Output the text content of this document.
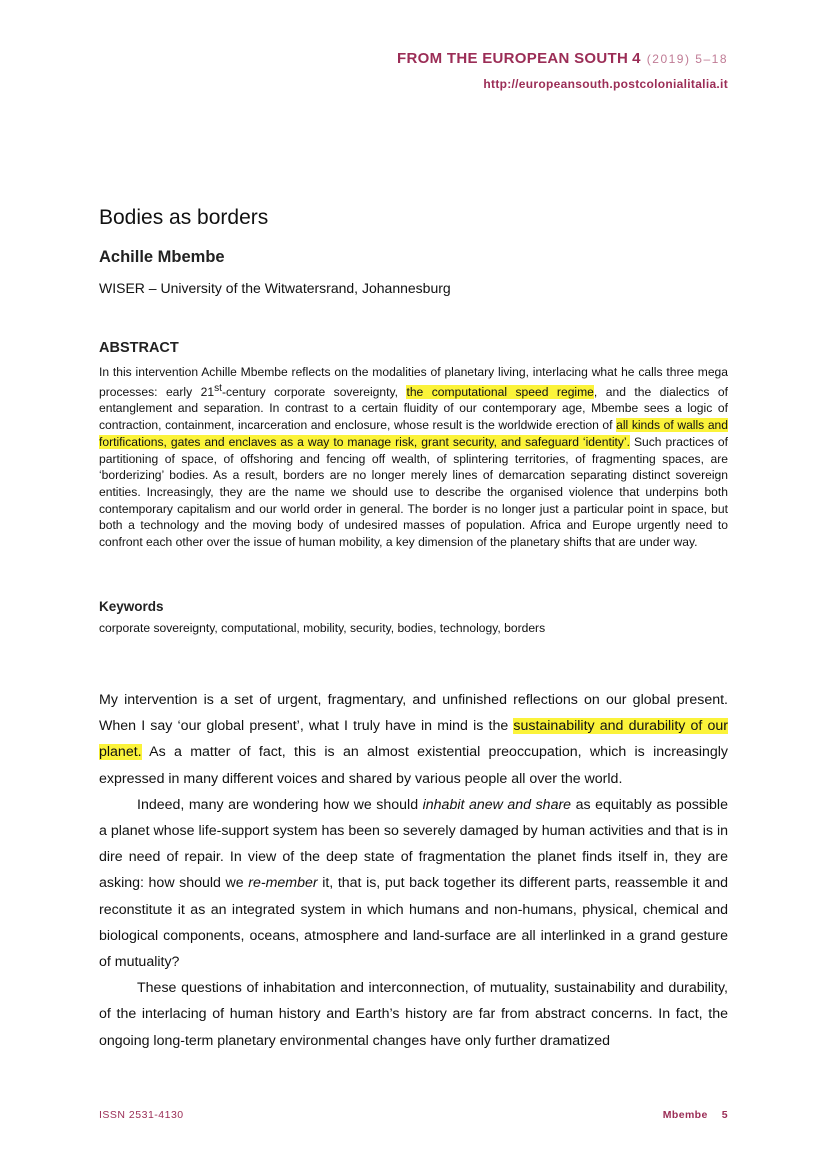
FROM THE EUROPEAN SOUTH 4 (2019) 5–18
http://europeansouth.postcolonialitalia.it
Bodies as borders
Achille Mbembe
WISER – University of the Witwatersrand, Johannesburg
ABSTRACT
In this intervention Achille Mbembe reflects on the modalities of planetary living, interlacing what he calls three mega processes: early 21st-century corporate sovereignty, the computational speed regime, and the dialectics of entanglement and separation. In contrast to a certain fluidity of our contemporary age, Mbembe sees a logic of contraction, containment, incarceration and enclosure, whose result is the worldwide erection of all kinds of walls and fortifications, gates and enclaves as a way to manage risk, grant security, and safeguard ‘identity’. Such practices of partitioning of space, of offshoring and fencing off wealth, of splintering territories, of fragmenting spaces, are ‘borderizing’ bodies. As a result, borders are no longer merely lines of demarcation separating distinct sovereign entities. Increasingly, they are the name we should use to describe the organised violence that underpins both contemporary capitalism and our world order in general. The border is no longer just a particular point in space, but both a technology and the moving body of undesired masses of population. Africa and Europe urgently need to confront each other over the issue of human mobility, a key dimension of the planetary shifts that are under way.
Keywords
corporate sovereignty, computational, mobility, security, bodies, technology, borders

My intervention is a set of urgent, fragmentary, and unfinished reflections on our global present. When I say ‘our global present’, what I truly have in mind is the sustainability and durability of our planet. As a matter of fact, this is an almost existential preoccupation, which is increasingly expressed in many different voices and shared by various people all over the world.

Indeed, many are wondering how we should inhabit anew and share as equitably as possible a planet whose life-support system has been so severely damaged by human activities and that is in dire need of repair. In view of the deep state of fragmentation the planet finds itself in, they are asking: how should we re-member it, that is, put back together its different parts, reassemble it and reconstitute it as an integrated system in which humans and non-humans, physical, chemical and biological components, oceans, atmosphere and land-surface are all interlinked in a grand gesture of mutuality?

These questions of inhabitation and interconnection, of mutuality, sustainability and durability, of the interlacing of human history and Earth’s history are far from abstract concerns. In fact, the ongoing long-term planetary environmental changes have only further dramatized

ISSN 2531-4130	Mbembe 5
